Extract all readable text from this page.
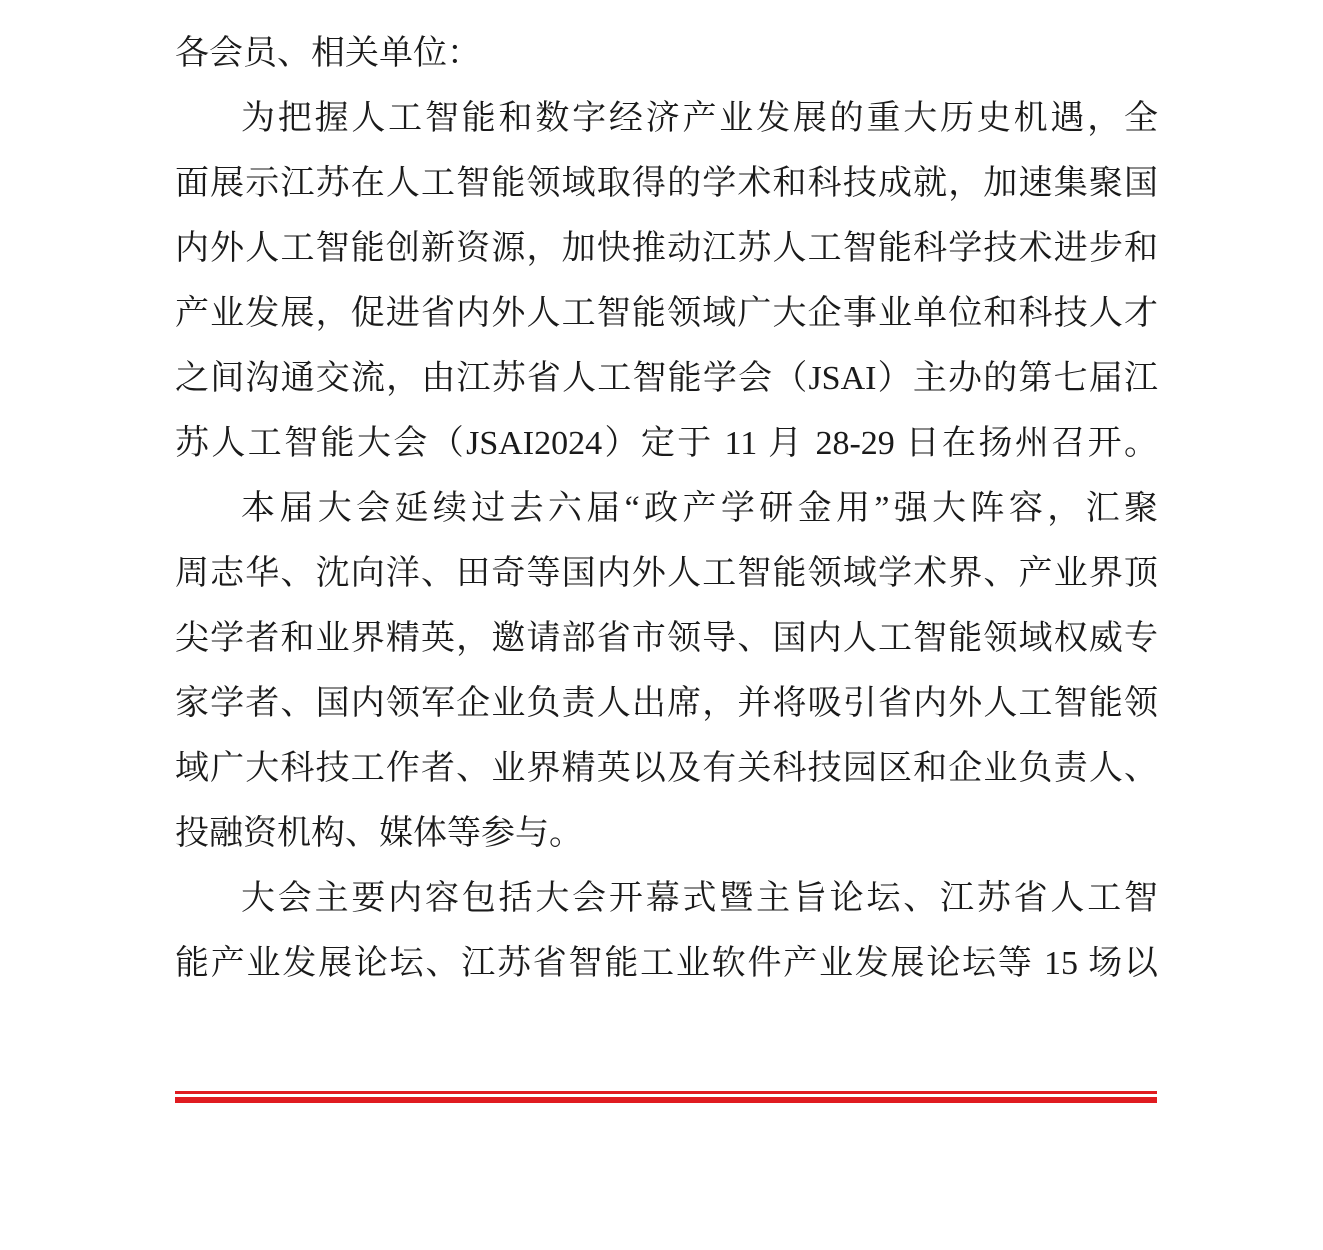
各会员、相关单位：
为把握人工智能和数字经济产业发展的重大历史机遇，全
面展示江苏在人工智能领域取得的学术和科技成就，加速集聚国
内外人工智能创新资源，加快推动江苏人工智能科学技术进步和
产业发展，促进省内外人工智能领域广大企事业单位和科技人才
之间沟通交流，由江苏省人工智能学会（JSAI）主办的第七届江
苏人工智能大会（JSAI2024）定于 11 月 28-29 日在扬州召开。
本届大会延续过去六届“政产学研金用”强大阵容，汇聚
周志华、沈向洋、田奇等国内外人工智能领域学术界、产业界顶
尖学者和业界精英，邀请部省市领导、国内人工智能领域权威专
家学者、国内领军企业负责人出席，并将吸引省内外人工智能领
域广大科技工作者、业界精英以及有关科技园区和企业负责人、
投融资机构、媒体等参与。
大会主要内容包括大会开幕式暨主旨论坛、江苏省人工智
能产业发展论坛、江苏省智能工业软件产业发展论坛等 15 场以
